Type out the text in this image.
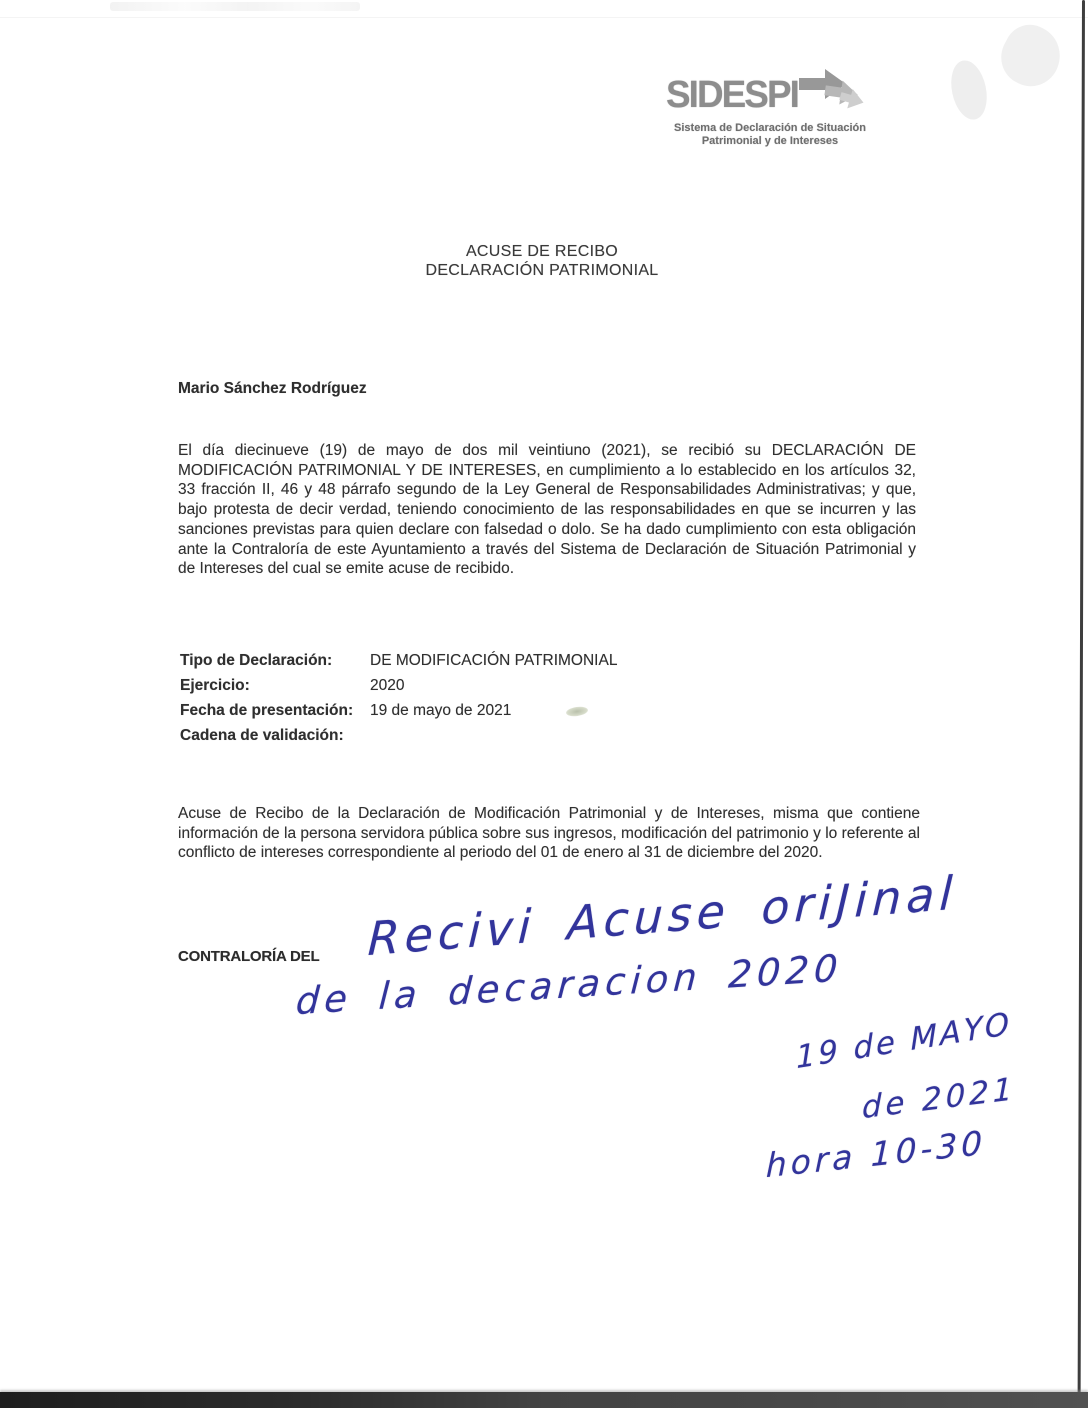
SIDESPI
Sistema de Declaración de Situación
Patrimonial y de Intereses
ACUSE DE RECIBO
DECLARACIÓN PATRIMONIAL
Mario Sánchez Rodríguez
El día diecinueve (19) de mayo de dos mil veintiuno (2021), se recibió su DECLARACIÓN DE MODIFICACIÓN PATRIMONIAL Y DE INTERESES, en cumplimiento a lo establecido en los artículos 32, 33 fracción II, 46 y 48 párrafo segundo de la Ley General de Responsabilidades Administrativas; y que, bajo protesta de decir verdad, teniendo conocimiento de las responsabilidades en que se incurren y las sanciones previstas para quien declare con falsedad o dolo. Se ha dado cumplimiento con esta obligación ante la Contraloría de este Ayuntamiento a través del Sistema de Declaración de Situación Patrimonial y de Intereses del cual se emite acuse de recibido.
Tipo de Declaración:	DE MODIFICACIÓN PATRIMONIAL
Ejercicio:	2020
Fecha de presentación:	19 de mayo de 2021
Cadena de validación:
Acuse de Recibo de la Declaración de Modificación Patrimonial y de Intereses, misma que contiene información de la persona servidora pública sobre sus ingresos, modificación del patrimonio y lo referente al conflicto de intereses correspondiente al periodo del 01 de enero al 31 de diciembre del 2020.
CONTRALORÍA DEL Recivi Acuse oriJinal
de la decaracion 2020
19 de MAYO
de 2021
hora 10-30
